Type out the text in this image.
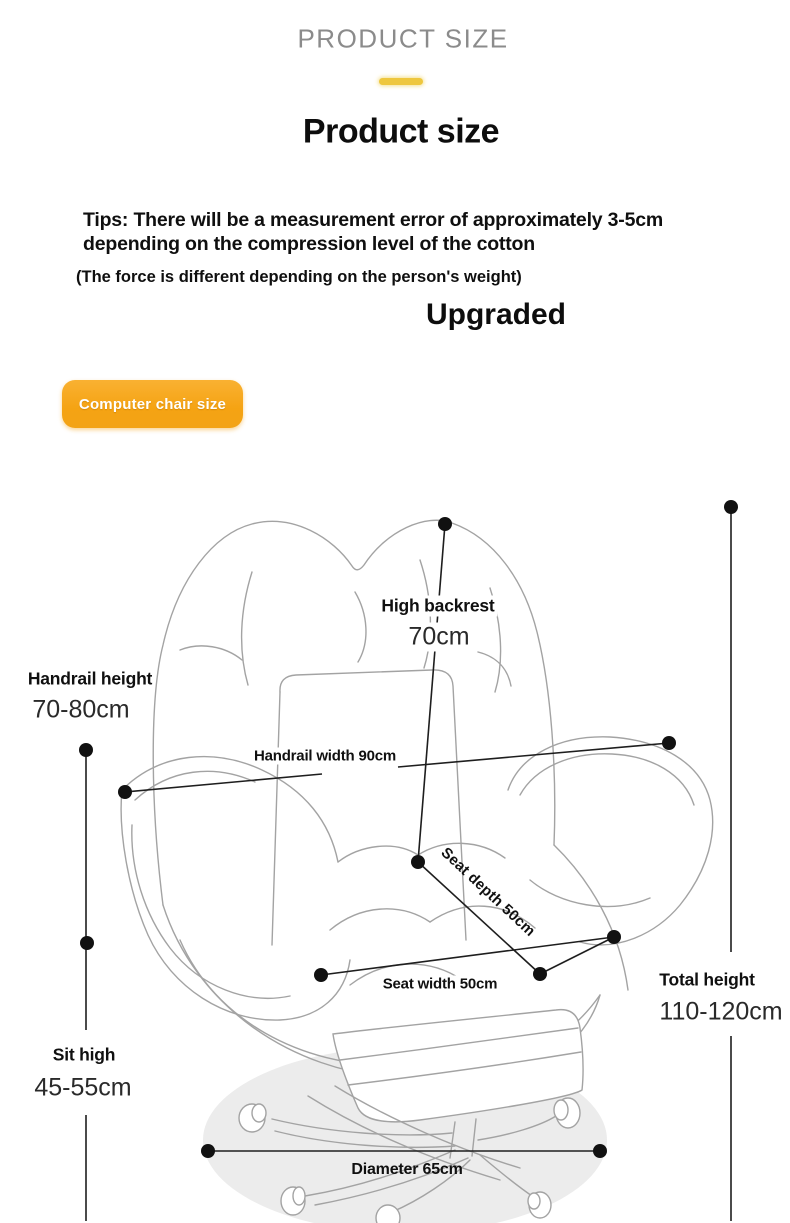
PRODUCT SIZE
Product size
Tips: There will be a measurement error of approximately 3-5cm
depending on the compression level of the cotton
(The force is different depending on the person's weight)
Upgraded
Computer chair size
High backrest
70cm
Handrail height
70-80cm
Handrail width 90cm
Seat depth 50cm
Seat width 50cm	Total height
110-120cm
Sit high
45-55cm
Diameter 65cm
